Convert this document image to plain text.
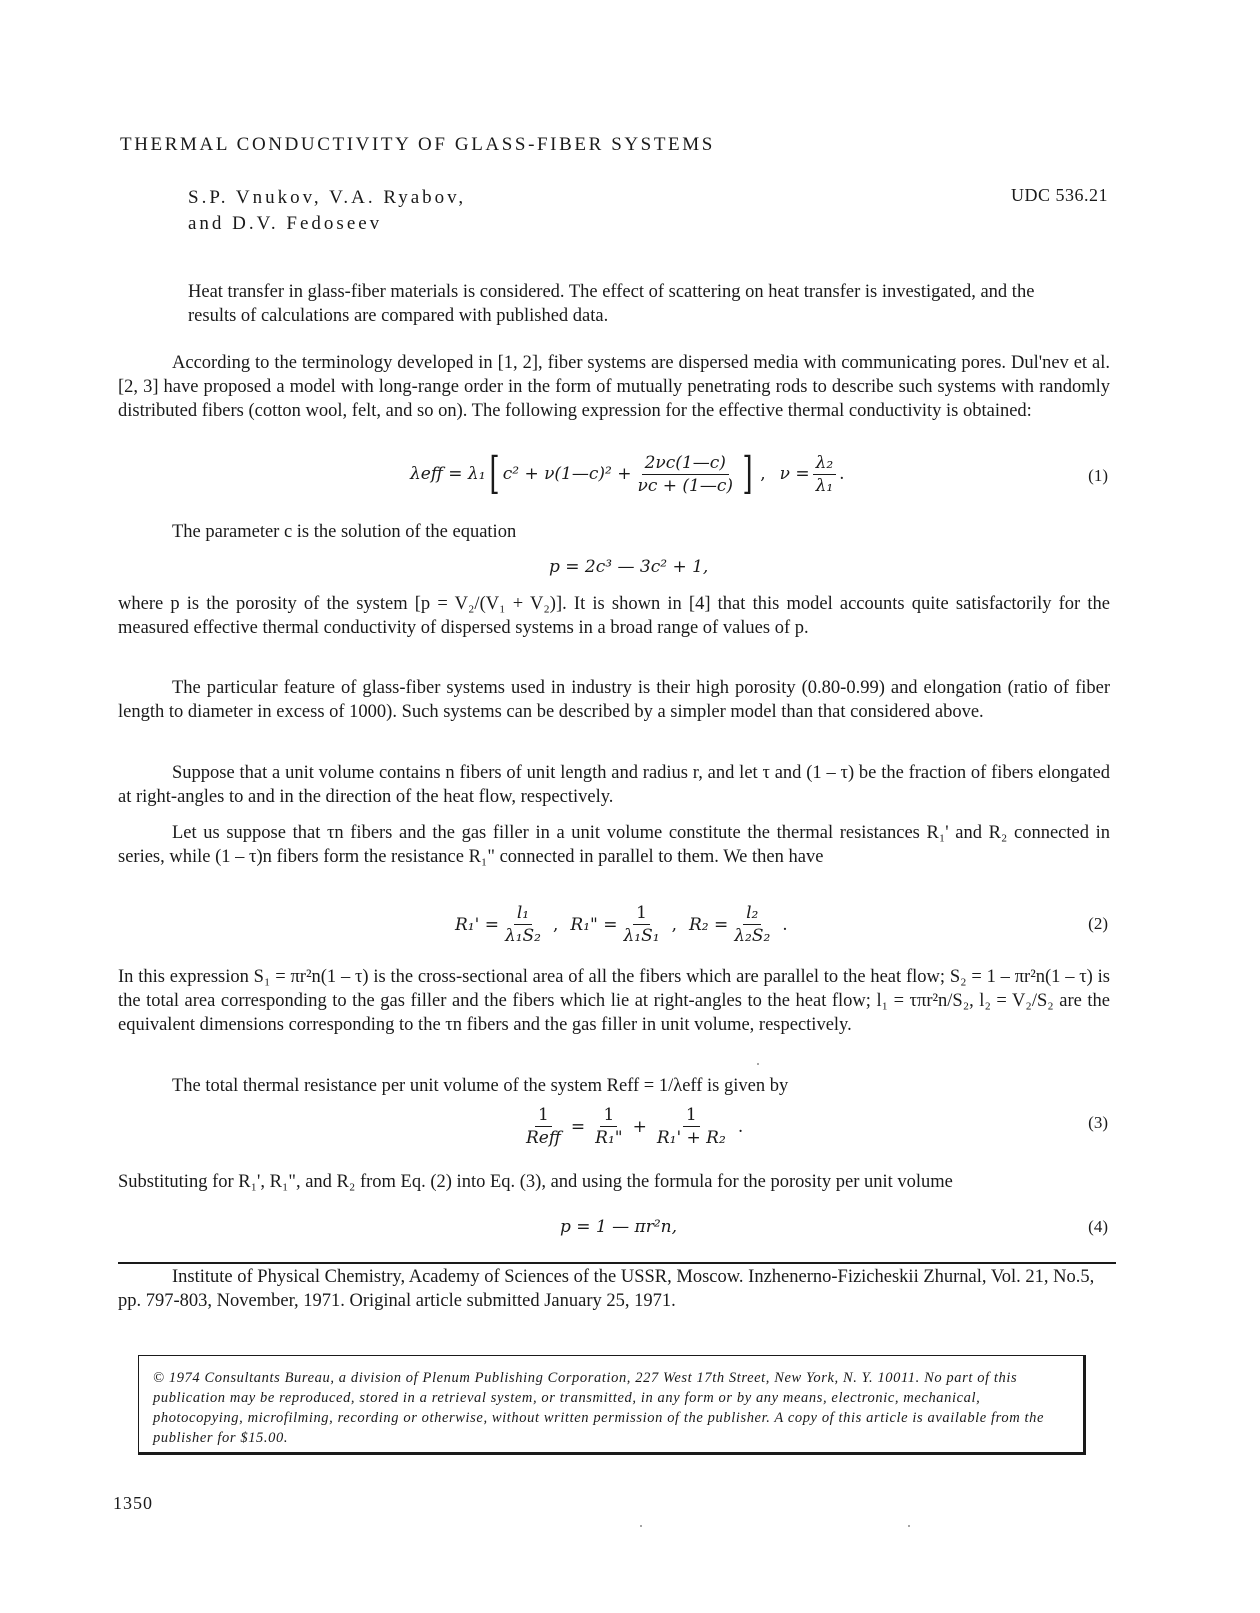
THERMAL CONDUCTIVITY OF GLASS-FIBER SYSTEMS
S.P. Vnukov, V.A. Ryabov,
and D.V. Fedoseev
UDC 536.21
Heat transfer in glass-fiber materials is considered. The effect of scattering on heat transfer is investigated, and the results of calculations are compared with published data.
According to the terminology developed in [1, 2], fiber systems are dispersed media with communicating pores. Dul'nev et al. [2, 3] have proposed a model with long-range order in the form of mutually penetrating rods to describe such systems with randomly distributed fibers (cotton wool, felt, and so on). The following expression for the effective thermal conductivity is obtained:
λeff = λ₁ [ c² + ν(1—c)² + $\frac{2\nu c(1—c)}{\nu c + (1—c)}$ ] , $\nu = \frac{\text{λ₂}}{\text{λ₁}}$ .	(1)
The parameter c is the solution of the equation
p = 2c³ — 3c² + 1,
where p is the porosity of the system [p = V₂/(V₁ + V₂)]. It is shown in [4] that this model accounts quite satisfactorily for the measured effective thermal conductivity of dispersed systems in a broad range of values of p.
The particular feature of glass-fiber systems used in industry is their high porosity (0.80-0.99) and elongation (ratio of fiber length to diameter in excess of 1000). Such systems can be described by a simpler model than that considered above.
Suppose that a unit volume contains n fibers of unit length and radius r, and let τ and (1 – τ) be the fraction of fibers elongated at right-angles to and in the direction of the heat flow, respectively.
Let us suppose that τn fibers and the gas filler in a unit volume constitute the thermal resistances R₁' and R₂ connected in series, while (1 – τ)n fibers form the resistance R₁" connected in parallel to them. We then have
$R_1' = \frac{\text{l₁}}{\text{λ₁S₂}}$ , R₁" = $\frac{1}{\text{λ₁S₁}}$ , $R_2 = \frac{\text{l₂}}{\text{λ₂S₂}}$ .	(2)
In this expression S₁ = πr²n(1 – τ) is the cross-sectional area of all the fibers which are parallel to the heat flow; S₂ = 1 – πr²n(1 – τ) is the total area corresponding to the gas filler and the fibers which lie at right-angles to the heat flow; l₁ = τπr²n/S₂, l₂ = V₂/S₂ are the equivalent dimensions corresponding to the τn fibers and the gas filler in unit volume, respectively.
The total thermal resistance per unit volume of the system Reff = 1/λeff is given by
$\frac{1}{\text{Reff}} = \frac{1}{\text{R₁"}} + \frac{1}{\text{R₁' + R₂}}$ .	(3)
Substituting for R₁', R₁", and R₂ from Eq. (2) into Eq. (3), and using the formula for the porosity per unit volume
p = 1 — πr²n,	(4)
Institute of Physical Chemistry, Academy of Sciences of the USSR, Moscow. Inzhenerno-Fizicheskii Zhurnal, Vol. 21, No.5, pp. 797-803, November, 1971. Original article submitted January 25, 1971.
© 1974 Consultants Bureau, a division of Plenum Publishing Corporation, 227 West 17th Street, New York, N. Y. 10011. No part of this publication may be reproduced, stored in a retrieval system, or transmitted, in any form or by any means, electronic, mechanical, photocopying, microfilming, recording or otherwise, without written permission of the publisher. A copy of this article is available from the publisher for $15.00.
1350
